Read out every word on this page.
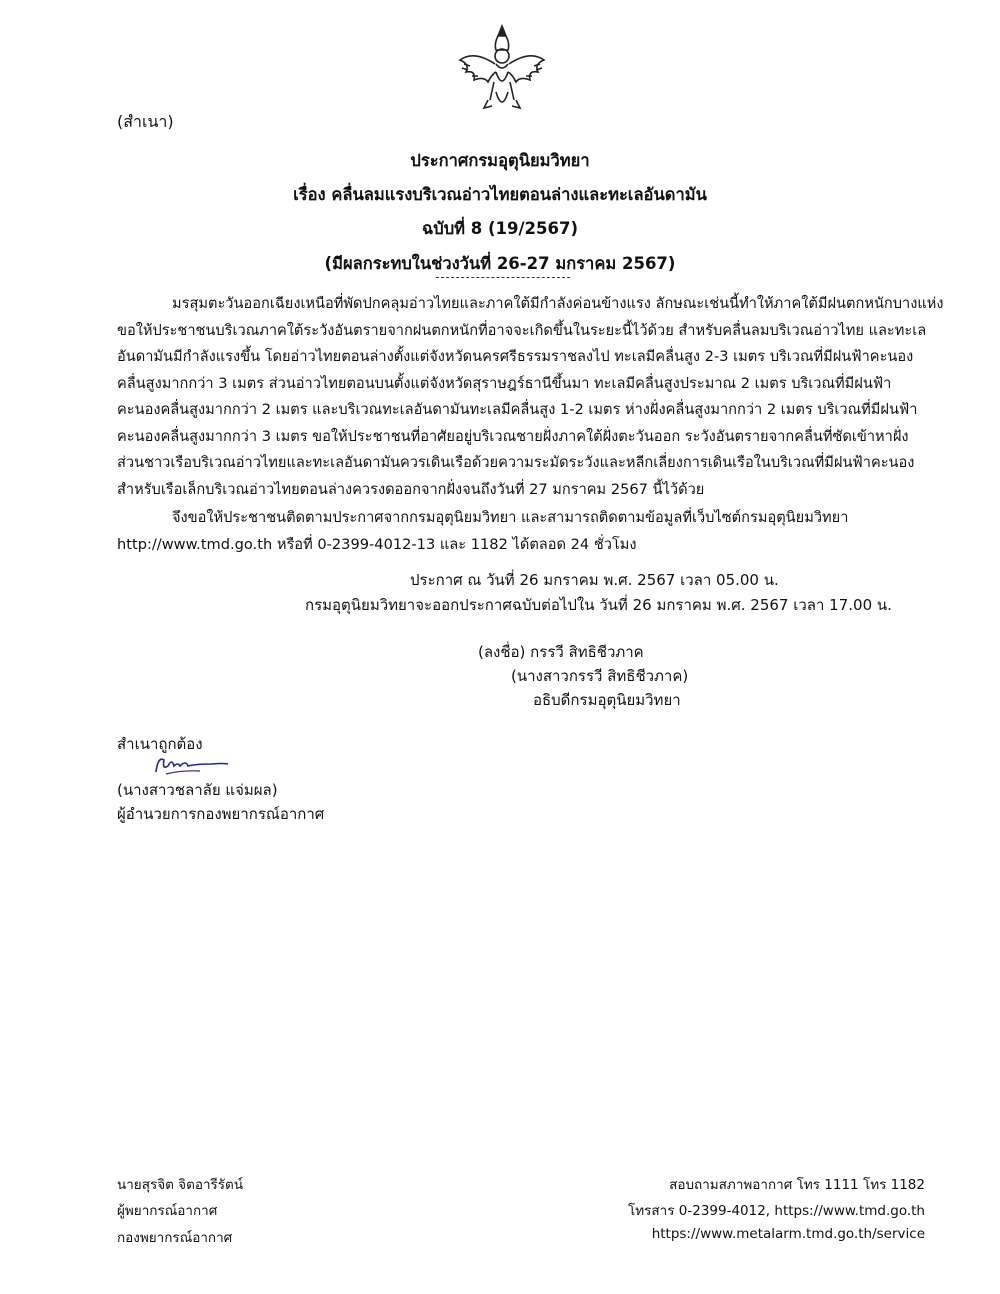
(สำเนา)
ประกาศกรมอุตุนิยมวิทยา
เรื่อง คลื่นลมแรงบริเวณอ่าวไทยตอนล่างและทะเลอันดามัน
ฉบับที่ 8 (19/2567)
(มีผลกระทบในช่วงวันที่ 26-27 มกราคม 2567)
มรสุมตะวันออกเฉียงเหนือที่พัดปกคลุมอ่าวไทยและภาคใต้มีกำลังค่อนข้างแรง ลักษณะเช่นนี้ทำให้ภาคใต้มีฝนตกหนักบางแห่ง
ขอให้ประชาชนบริเวณภาคใต้ระวังอันตรายจากฝนตกหนักที่อาจจะเกิดขึ้นในระยะนี้ไว้ด้วย สำหรับคลื่นลมบริเวณอ่าวไทย และทะเล
อันดามันมีกำลังแรงขึ้น โดยอ่าวไทยตอนล่างตั้งแต่จังหวัดนครศรีธรรมราชลงไป ทะเลมีคลื่นสูง 2-3 เมตร บริเวณที่มีฝนฟ้าคะนอง
คลื่นสูงมากกว่า 3 เมตร ส่วนอ่าวไทยตอนบนตั้งแต่จังหวัดสุราษฎร์ธานีขึ้นมา ทะเลมีคลื่นสูงประมาณ 2 เมตร บริเวณที่มีฝนฟ้า
คะนองคลื่นสูงมากกว่า 2 เมตร และบริเวณทะเลอันดามันทะเลมีคลื่นสูง 1-2 เมตร ห่างฝั่งคลื่นสูงมากกว่า 2 เมตร บริเวณที่มีฝนฟ้า
คะนองคลื่นสูงมากกว่า 3 เมตร ขอให้ประชาชนที่อาศัยอยู่บริเวณชายฝั่งภาคใต้ฝั่งตะวันออก ระวังอันตรายจากคลื่นที่ซัดเข้าหาฝั่ง
ส่วนชาวเรือบริเวณอ่าวไทยและทะเลอันดามันควรเดินเรือด้วยความระมัดระวังและหลีกเลี่ยงการเดินเรือในบริเวณที่มีฝนฟ้าคะนอง
สำหรับเรือเล็กบริเวณอ่าวไทยตอนล่างควรงดออกจากฝั่งจนถึงวันที่ 27 มกราคม 2567 นี้ไว้ด้วย
จึงขอให้ประชาชนติดตามประกาศจากกรมอุตุนิยมวิทยา และสามารถติดตามข้อมูลที่เว็บไซต์กรมอุตุนิยมวิทยา
http://www.tmd.go.th หรือที่ 0-2399-4012-13 และ 1182 ได้ตลอด 24 ชั่วโมง
ประกาศ ณ วันที่ 26 มกราคม พ.ศ. 2567 เวลา 05.00 น.
กรมอุตุนิยมวิทยาจะออกประกาศฉบับต่อไปใน วันที่ 26 มกราคม พ.ศ. 2567 เวลา 17.00 น.
(ลงชื่อ) กรรวี สิทธิชีวภาค
(นางสาวกรรวี สิทธิชีวภาค)
อธิบดีกรมอุตุนิยมวิทยา
สำเนาถูกต้อง
(นางสาวชลาลัย แจ่มผล)
ผู้อำนวยการกองพยากรณ์อากาศ
นายสุรจิต จิตอารีรัตน์
ผู้พยากรณ์อากาศ
กองพยากรณ์อากาศ
สอบถามสภาพอากาศ โทร 1111 โทร 1182
โทรสาร 0-2399-4012, https://www.tmd.go.th
https://www.metalarm.tmd.go.th/service
